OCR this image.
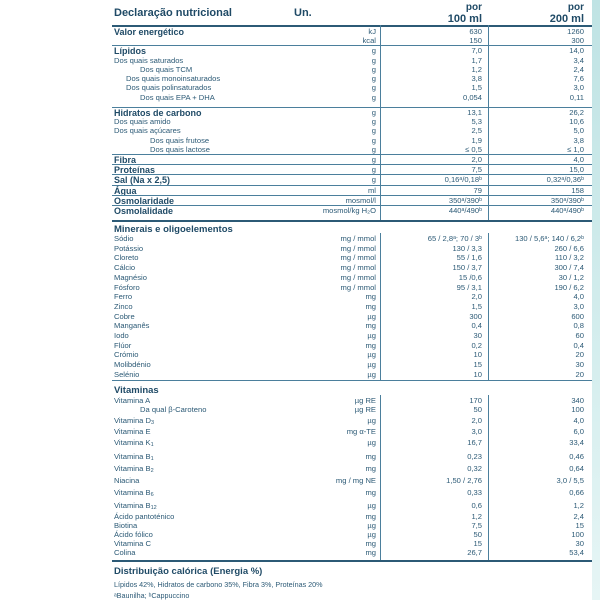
Declaração nutricional	Un.	por
100 ml
por
200 ml
Valor energético	kJ	630	1260
kcal	150	300
Lípidos	g	7,0	14,0
Dos quais saturados	g	1,7	3,4
Dos quais TCM	g	1,2	2,4
Dos quais monoinsaturados	g	3,8	7,6
Dos quais polinsaturados	g	1,5	3,0
Dos quais EPA + DHA	g	0,054	0,11
Hidratos de carbono	g	13,1	26,2
Dos quais amido	g	5,3	10,6
Dos quais açúcares	g	2,5	5,0
Dos quais frutose	g	1,9	3,8
Dos quais lactose	g	≤ 0,5	≤ 1,0
Fibra	g	2,0	4,0
Proteínas	g	7,5	15,0
Sal (Na x 2,5)	g	0,16ᵃ/0,18ᵇ	0,32ᵃ/0,36ᵇ
Água	ml	79	158
Osmolaridade	mosmol/l	350ᵃ/390ᵇ	350ᵃ/390ᵇ
Osmolalidade	mosmol/kg H₂O	440ᵃ/490ᵇ	440ᵃ/490ᵇ
Minerais e oligoelementos
Sódio	mg / mmol	65 / 2,8ᵃ; 70 / 3ᵇ	130 / 5,6ᵃ; 140 / 6,2ᵇ
Potássio	mg / mmol	130 / 3,3	260 / 6,6
Cloreto	mg / mmol	55 / 1,6	110 / 3,2
Cálcio	mg / mmol	150 / 3,7	300 / 7,4
Magnésio	mg / mmol	15 /0,6	30 / 1,2
Fósforo	mg / mmol	95 / 3,1	190 / 6,2
Ferro	mg	2,0	4,0
Zinco	mg	1,5	3,0
Cobre	µg	300	600
Manganês	mg	0,4	0,8
Iodo	µg	30	60
Flúor	mg	0,2	0,4
Crómio	µg	10	20
Molibdénio	µg	15	30
Selénio	µg	10	20
Vitaminas
Vitamina A	µg RE	170	340
Da qual β-Caroteno	µg RE	50	100
Vitamina $D_3$	µg	2,0	4,0
Vitamina E	mg α-TE	3,0	6,0
Vitamina $K_1$	µg	16,7	33,4
Vitamina $B_1$	mg	0,23	0,46
Vitamina $B_2$	mg	0,32	0,64
Niacina	mg / mg NE	1,50 / 2,76	3,0 / 5,5
Vitamina $B_6$	mg	0,33	0,66
Vitamina $B_{12}$	µg	0,6	1,2
Ácido pantoténico	mg	1,2	2,4
Biotina	µg	7,5	15
Ácido fólico	µg	50	100
Vitamina C	mg	15	30
Colina	mg	26,7	53,4
Distribuição calórica (Energia %)
Lípidos 42%, Hidratos de carbono 35%, Fibra 3%, Proteínas 20%
ᵃBaunilha; ᵇCappuccino
